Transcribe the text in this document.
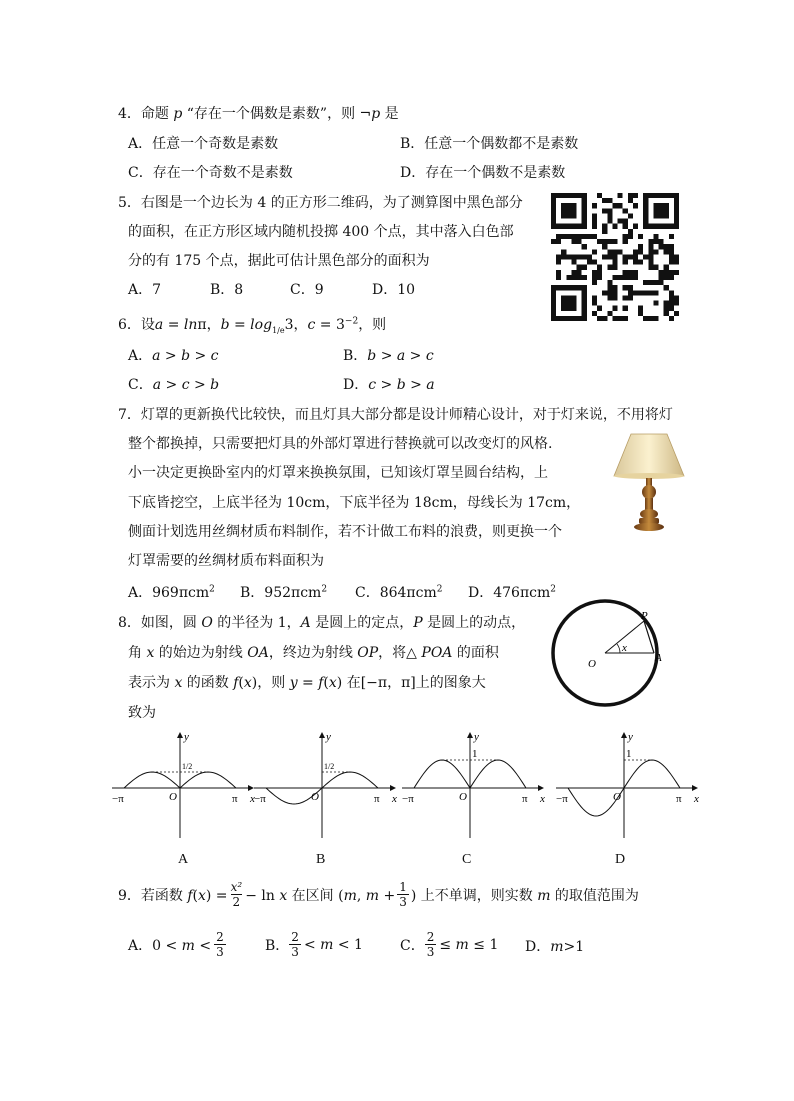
4．命题 𝑝 “存在一个偶数是素数”，则 ¬𝑝 是
A．任意一个奇数是素数	B．任意一个偶数都不是素数
C．存在一个奇数不是素数	D．存在一个偶数不是素数
5．右图是一个边长为 4 的正方形二维码，为了测算图中黑色部分
的面积，在正方形区域内随机投掷 400 个点，其中落入白色部
分的有 175 个点，据此可估计黑色部分的面积为
A．7	B．8	C．9	D．10
6．设𝑎 = 𝑙𝑛π，𝑏 = 𝑙𝑜𝑔$_{1/e}$3，𝑐 = $3^{-2}$，则
A．𝑎 > 𝑏 > 𝑐	B．𝑏 > 𝑎 > 𝑐
C．𝑎 > 𝑐 > 𝑏	D．𝑐 > 𝑏 > 𝑎
7．灯罩的更新换代比较快，而且灯具大部分都是设计师精心设计，对于灯来说，不用将灯
整个都换掉，只需要把灯具的外部灯罩进行替换就可以改变灯的风格.
小一决定更换卧室内的灯罩来换换氛围，已知该灯罩呈圆台结构，上
下底皆挖空，上底半径为 10cm，下底半径为 18cm，母线长为 17cm，
侧面计划选用丝绸材质布料制作，若不计做工布料的浪费，则更换一个
灯罩需要的丝绸材质布料面积为
A．969πcm$^2$ B．952πcm$^2$ C．864πcm$^2$ D．476πcm$^2$
8．如图，圆 𝑂 的半径为 1，𝐴 是圆上的定点，𝑃 是圆上的动点，
角 𝑥 的始边为射线 𝑂𝐴，终边为射线 𝑂𝑃，将△ 𝑃𝑂𝐴 的面积
表示为 𝑥 的函数 𝑓(𝑥)，则 𝑦 = 𝑓(𝑥) 在[−π，π]上的图象大
致为
P
O
x
A
y
x
O
−π	π
1/2
y
x
O
−π	π
1/2
y
x
O
−π	π
1
y
x
O
−π	π
1
A	B	C	D
9．若函数 𝑓(𝑥) = $\frac{\text{x²}}{2} - \ln$ 𝑥 在区间 (𝑚, 𝑚 + $\frac{1}{3}$ ) 上不单调，则实数 𝑚 的取值范围为
A．0 < 𝑚 < $\frac{2}{3}$	B． $\frac{2}{3}$ < 𝑚 < 1	C． $\frac{2}{3}$ ≤ 𝑚 ≤ 1 D．𝑚>1
